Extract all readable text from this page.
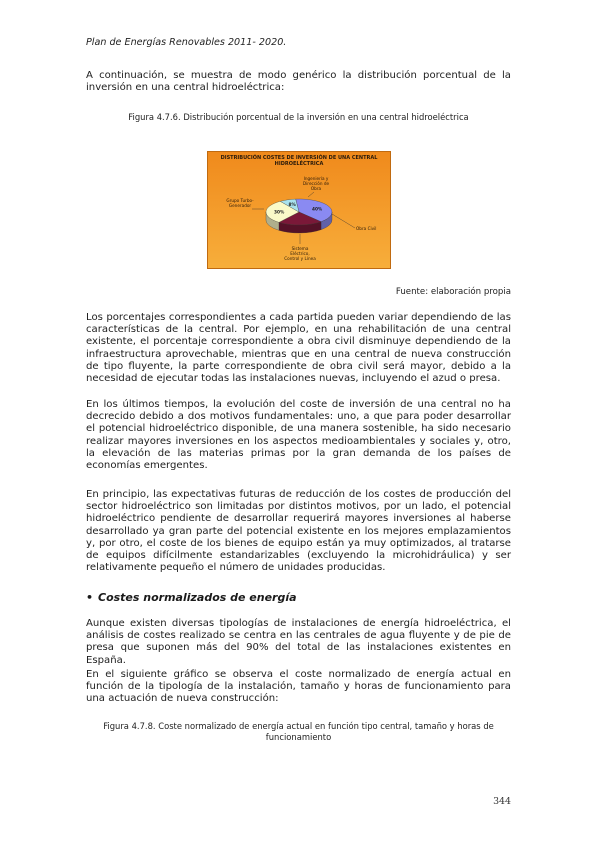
Plan de Energías Renovables 2011- 2020.
A continuación, se muestra de modo genérico la distribución porcentual de la inversión en una central hidroeléctrica:
Figura 4.7.6. Distribución porcentual de la inversión en una central hidroeléctrica
DISTRIBUCIÓN COSTES DE INVERSIÓN DE UNA CENTRAL HIDROELÉCTRICA
40%
30%
8%
Obra Civil
Sistema Eléctrico, Control y Línea
Grupo Turbo-Generador
Ingeniería y Dirección de Obra
Fuente: elaboración propia
Los porcentajes correspondientes a cada partida pueden variar dependiendo de las características de la central. Por ejemplo, en una rehabilitación de una central existente, el porcentaje correspondiente a obra civil disminuye dependiendo de la infraestructura aprovechable, mientras que en una central de nueva construcción de tipo fluyente, la parte correspondiente de obra civil será mayor, debido a la necesidad de ejecutar todas las instalaciones nuevas, incluyendo el azud o presa.
En los últimos tiempos, la evolución del coste de inversión de una central no ha decrecido debido a dos motivos fundamentales: uno, a que para poder desarrollar el potencial hidroeléctrico disponible, de una manera sostenible, ha sido necesario realizar mayores inversiones en los aspectos medioambientales y sociales y, otro, la elevación de las materias primas por la gran demanda de los países de economías emergentes.
En principio, las expectativas futuras de reducción de los costes de producción del sector hidroeléctrico son limitadas por distintos motivos, por un lado, el potencial hidroeléctrico pendiente de desarrollar requerirá mayores inversiones al haberse desarrollado ya gran parte del potencial existente en los mejores emplazamientos y, por otro, el coste de los bienes de equipo están ya muy optimizados, al tratarse de equipos difícilmente estandarizables (excluyendo la microhidráulica) y ser relativamente pequeño el número de unidades producidas.
• Costes normalizados de energía
Aunque existen diversas tipologías de instalaciones de energía hidroeléctrica, el análisis de costes realizado se centra en las centrales de agua fluyente y de pie de presa que suponen más del 90% del total de las instalaciones existentes en España.
En el siguiente gráfico se observa el coste normalizado de energía actual en función de la tipología de la instalación, tamaño y horas de funcionamiento para una actuación de nueva construcción:
Figura 4.7.8. Coste normalizado de energía actual en función tipo central, tamaño y horas de funcionamiento
344
